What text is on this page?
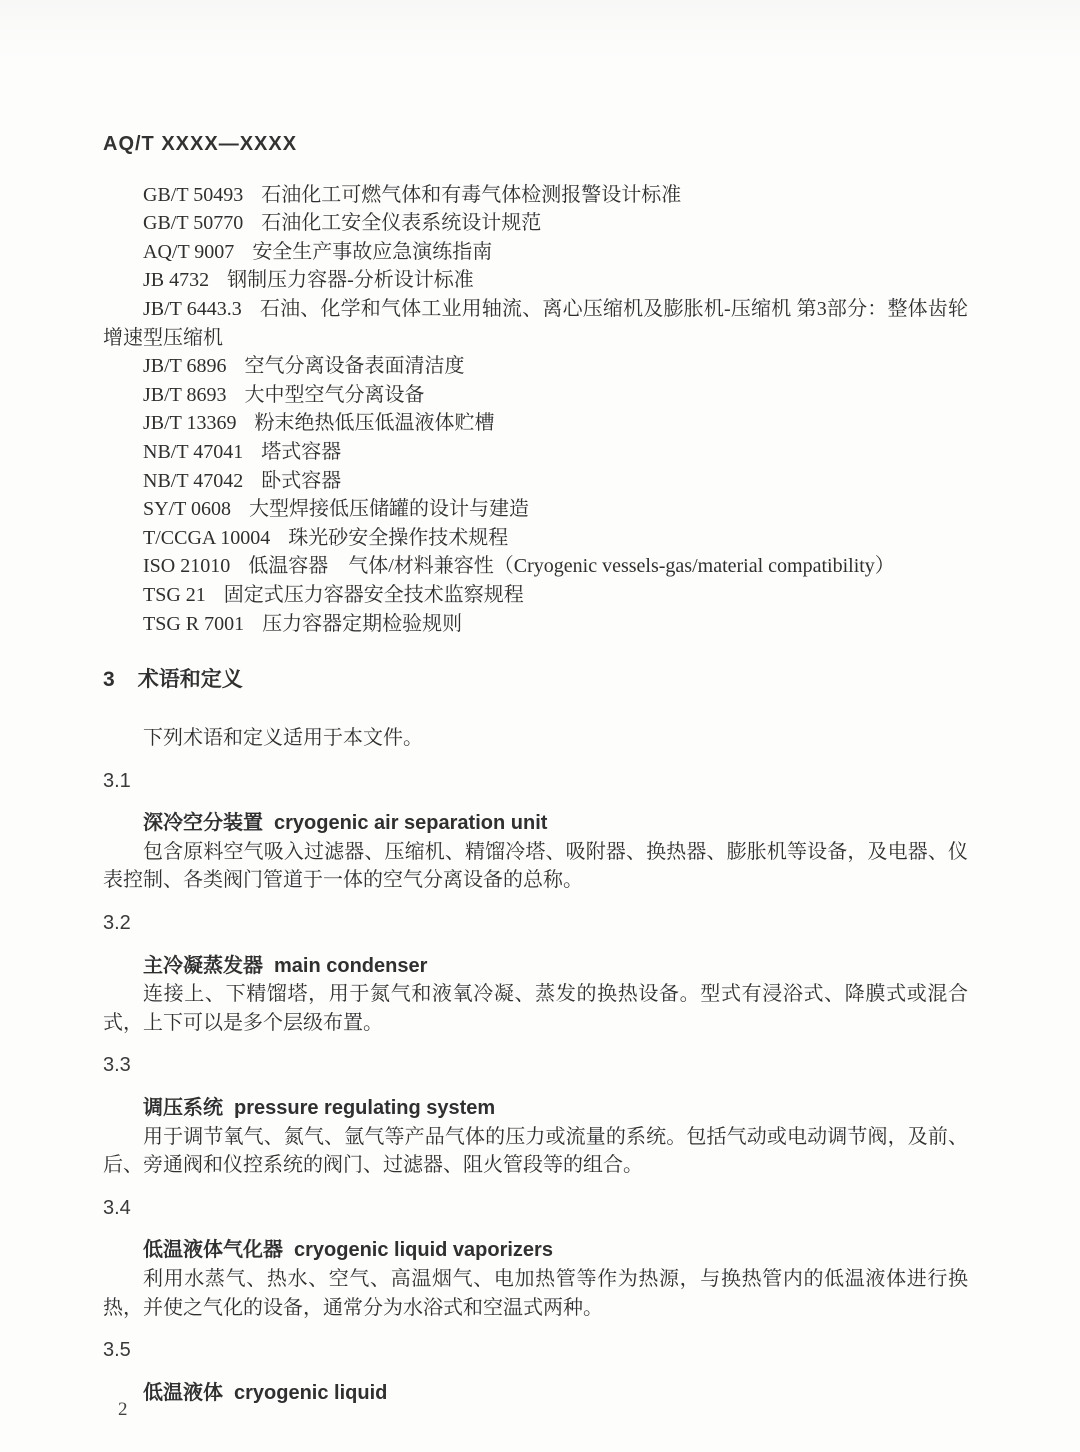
AQ/T XXXX—XXXX

GB/T 50493 石油化工可燃气体和有毒气体检测报警设计标准

GB/T 50770 石油化工安全仪表系统设计规范

AQ/T 9007 安全生产事故应急演练指南

JB 4732 钢制压力容器-分析设计标准

JB/T 6443.3 石油、化学和气体工业用轴流、离心压缩机及膨胀机-压缩机 第3部分：整体齿轮增速型压缩机

JB/T 6896 空气分离设备表面清洁度

JB/T 8693 大中型空气分离设备

JB/T 13369 粉末绝热低压低温液体贮槽

NB/T 47041 塔式容器

NB/T 47042 卧式容器

SY/T 0608 大型焊接低压储罐的设计与建造

T/CCGA 10004 珠光砂安全操作技术规程

ISO 21010 低温容器　气体/材料兼容性（Cryogenic vessels-gas/material compatibility）

TSG 21 固定式压力容器安全技术监察规程

TSG R 7001 压力容器定期检验规则

3 术语和定义

下列术语和定义适用于本文件。

3.1

深冷空分装置 cryogenic air separation unit

包含原料空气吸入过滤器、压缩机、精馏冷塔、吸附器、换热器、膨胀机等设备，及电器、仪表控制、各类阀门管道于一体的空气分离设备的总称。

3.2

主冷凝蒸发器 main condenser

连接上、下精馏塔，用于氮气和液氧冷凝、蒸发的换热设备。型式有浸浴式、降膜式或混合式，上下可以是多个层级布置。

3.3

调压系统 pressure regulating system

用于调节氧气、氮气、氩气等产品气体的压力或流量的系统。包括气动或电动调节阀，及前、后、旁通阀和仪控系统的阀门、过滤器、阻火管段等的组合。

3.4

低温液体气化器 cryogenic liquid vaporizers

利用水蒸气、热水、空气、高温烟气、电加热管等作为热源，与换热管内的低温液体进行换热，并使之气化的设备，通常分为水浴式和空温式两种。

3.5

低温液体 cryogenic liquid

2
